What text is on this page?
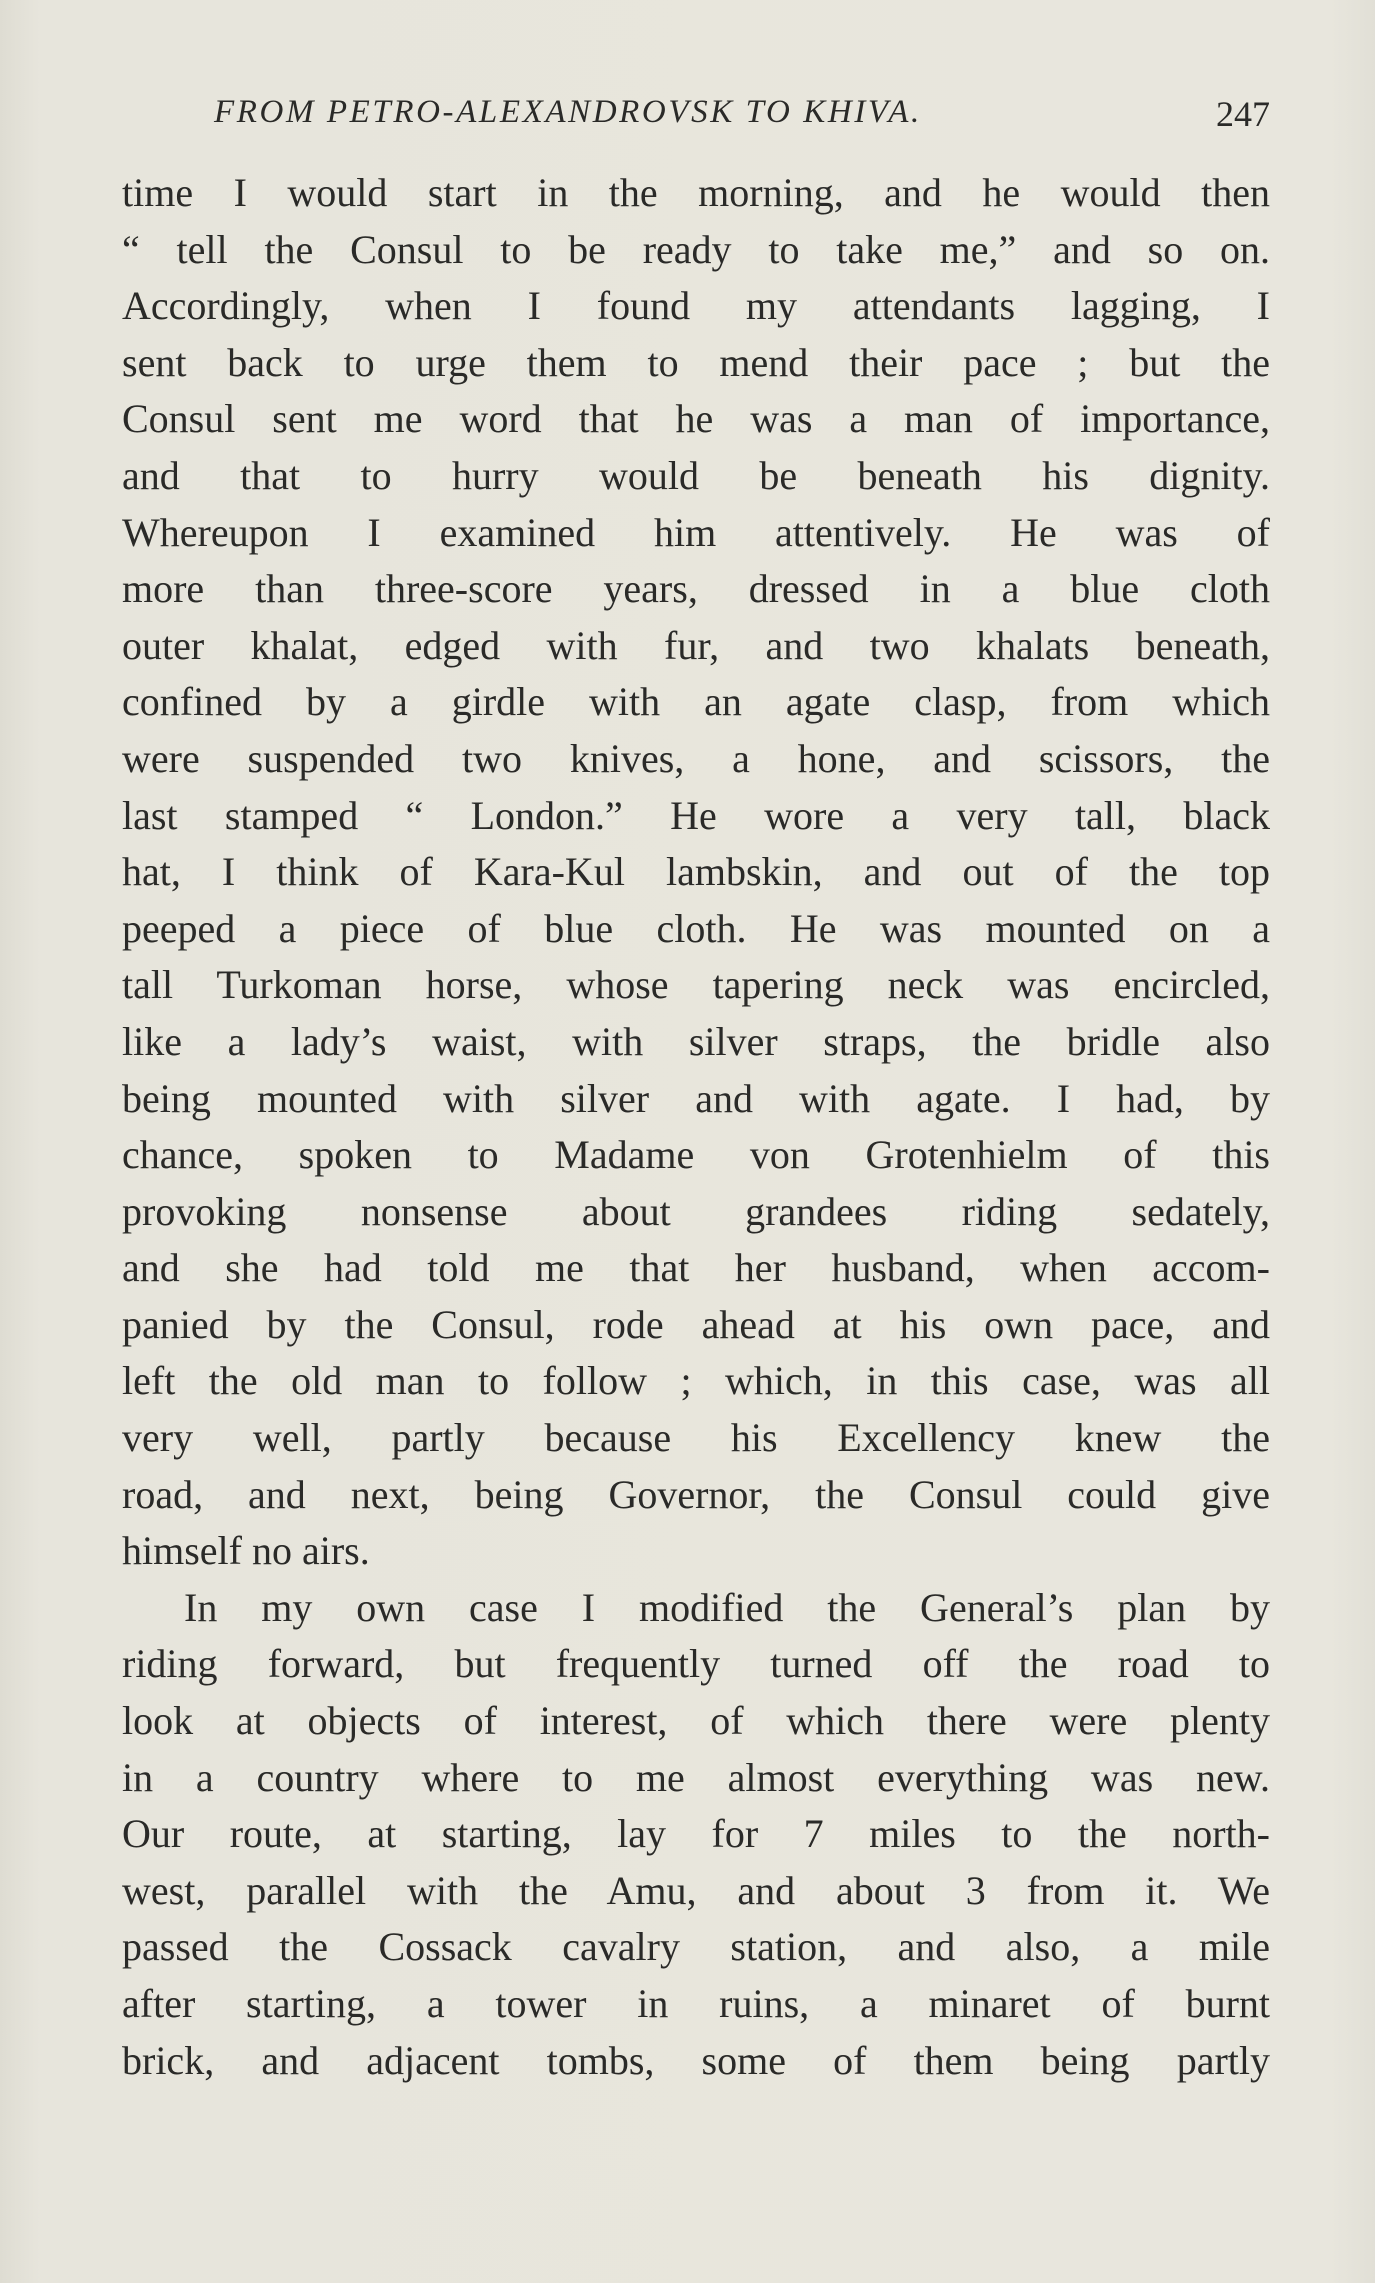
FROM PETRO-ALEXANDROVSK TO KHIVA.	247
time I would start in the morning, and he would then
“ tell the Consul to be ready to take me,” and so on.
Accordingly, when I found my attendants lagging, I
sent back to urge them to mend their pace ; but the
Consul sent me word that he was a man of importance,
and that to hurry would be beneath his dignity.
Whereupon I examined him attentively. He was of
more than three-score years, dressed in a blue cloth
outer khalat, edged with fur, and two khalats beneath,
confined by a girdle with an agate clasp, from which
were suspended two knives, a hone, and scissors, the
last stamped “ London.” He wore a very tall, black
hat, I think of Kara-Kul lambskin, and out of the top
peeped a piece of blue cloth. He was mounted on a
tall Turkoman horse, whose tapering neck was encircled,
like a lady’s waist, with silver straps, the bridle also
being mounted with silver and with agate. I had, by
chance, spoken to Madame von Grotenhielm of this
provoking nonsense about grandees riding sedately,
and she had told me that her husband, when accom-
panied by the Consul, rode ahead at his own pace, and
left the old man to follow ; which, in this case, was all
very well, partly because his Excellency knew the
road, and next, being Governor, the Consul could give
himself no airs.
In my own case I modified the General’s plan by
riding forward, but frequently turned off the road to
look at objects of interest, of which there were plenty
in a country where to me almost everything was new.
Our route, at starting, lay for 7 miles to the north-
west, parallel with the Amu, and about 3 from it. We
passed the Cossack cavalry station, and also, a mile
after starting, a tower in ruins, a minaret of burnt
brick, and adjacent tombs, some of them being partly
